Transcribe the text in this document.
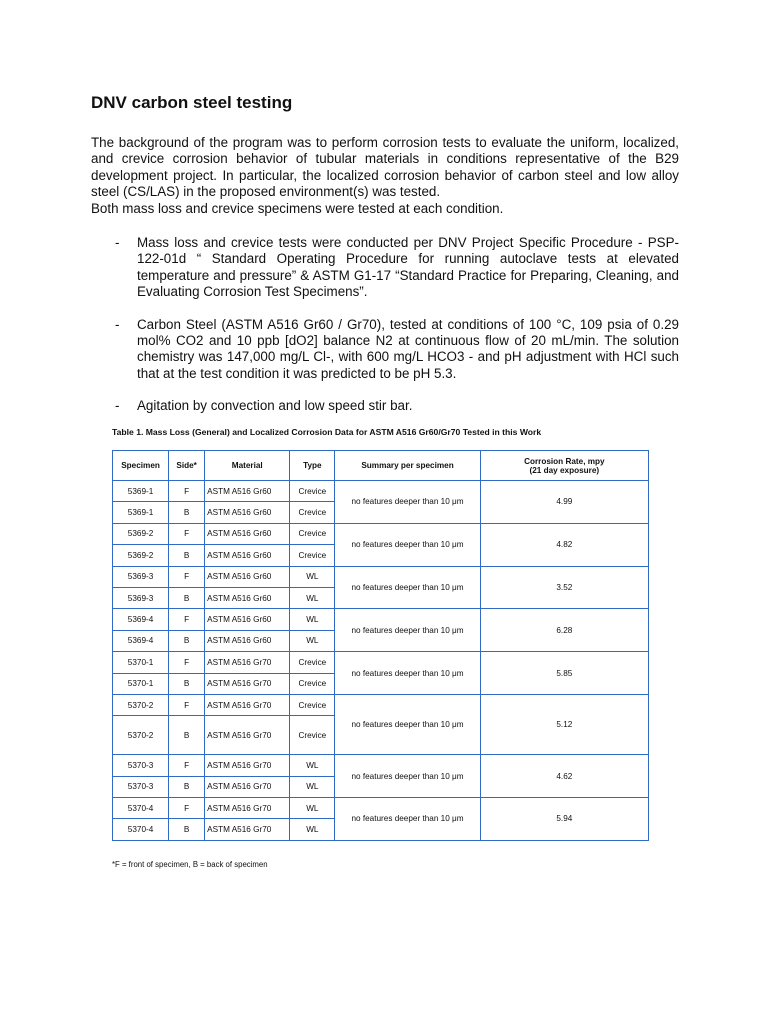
DNV carbon steel testing

The background of the program was to perform corrosion tests to evaluate the uniform, localized, and crevice corrosion behavior of tubular materials in conditions representative of the B29 development project. In particular, the localized corrosion behavior of carbon steel and low alloy steel (CS/LAS) in the proposed environment(s) was tested.

Both mass loss and crevice specimens were tested at each condition.

- Mass loss and crevice tests were conducted per DNV Project Specific Procedure - PSP-122-01d “ Standard Operating Procedure for running autoclave tests at elevated temperature and pressure” & ASTM G1-17 “Standard Practice for Preparing, Cleaning, and Evaluating Corrosion Test Specimens”.
- Carbon Steel (ASTM A516 Gr60 / Gr70), tested at conditions of 100 °C, 109 psia of 0.29 mol% CO2 and 10 ppb [dO2] balance N2 at continuous flow of 20 mL/min. The solution chemistry was 147,000 mg/L Cl-, with 600 mg/L HCO3 - and pH adjustment with HCl such that at the test condition it was predicted to be pH 5.3.
- Agitation by convection and low speed stir bar.
Table 1. Mass Loss (General) and Localized Corrosion Data for ASTM A516 Gr60/Gr70 Tested in this Work
Specimen	Side*	Material	Type	Summary per specimen	Corrosion Rate, mpy
(21 day exposure)

5369-1	F	ASTM A516 Gr60	Crevice	no features deeper than 10 μm	4.99
5369-1	B	ASTM A516 Gr60	Crevice		
5369-2	F	ASTM A516 Gr60	Crevice	no features deeper than 10 μm	4.82
5369-2	B	ASTM A516 Gr60	Crevice		
5369-3	F	ASTM A516 Gr60	WL	no features deeper than 10 μm	3.52
5369-3	B	ASTM A516 Gr60	WL		
5369-4	F	ASTM A516 Gr60	WL	no features deeper than 10 μm	6.28
5369-4	B	ASTM A516 Gr60	WL		
5370-1	F	ASTM A516 Gr70	Crevice	no features deeper than 10 μm	5.85
5370-1	B	ASTM A516 Gr70	Crevice		
5370-2	F	ASTM A516 Gr70	Crevice	no features deeper than 10 μm	5.12
5370-2	B	ASTM A516 Gr70	Crevice		
5370-3	F	ASTM A516 Gr70	WL	no features deeper than 10 μm	4.62
5370-3	B	ASTM A516 Gr70	WL		
5370-4	F	ASTM A516 Gr70	WL	no features deeper than 10 μm	5.94
5370-4	B	ASTM A516 Gr70	WL		
*F = front of specimen, B = back of specimen
